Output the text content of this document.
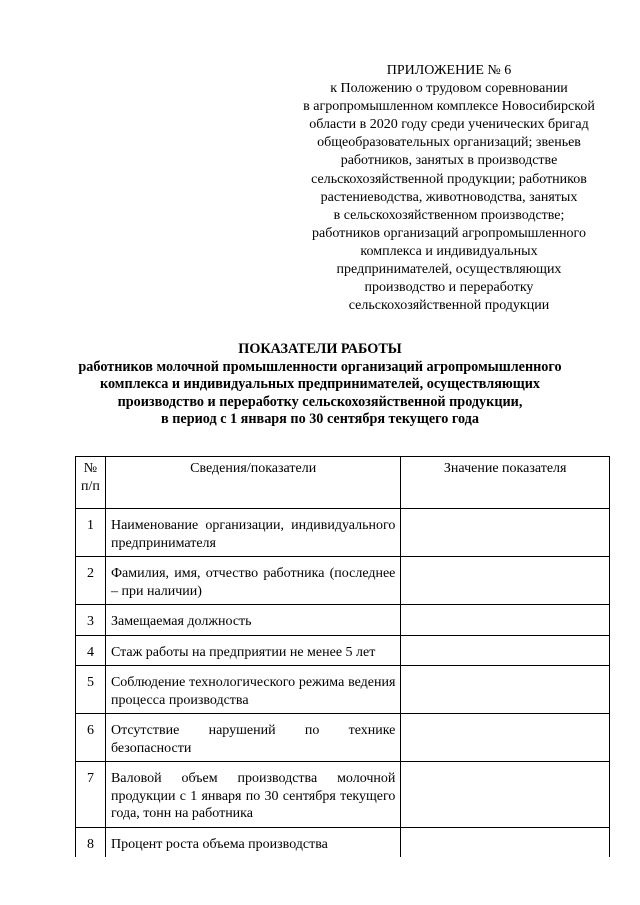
ПРИЛОЖЕНИЕ № 6
к Положению о трудовом соревновании
в агропромышленном комплексе Новосибирской
области в 2020 году среди ученических бригад
общеобразовательных организаций; звеньев
работников, занятых в производстве
сельскохозяйственной продукции; работников
растениеводства, животноводства, занятых
в сельскохозяйственном производстве;
работников организаций агропромышленного
комплекса и индивидуальных
предпринимателей, осуществляющих
производство и переработку
сельскохозяйственной продукции
ПОКАЗАТЕЛИ РАБОТЫ
работников молочной промышленности организаций агропромышленного
комплекса и индивидуальных предпринимателей, осуществляющих
производство и переработку сельскохозяйственной продукции,
в период с 1 января по 30 сентября текущего года
№ п/п	Сведения/показатели	Значение показателя
1	Наименование организации, индивидуального предпринимателя	
2	Фамилия, имя, отчество работника (последнее – при наличии)	
3	Замещаемая должность	
4	Стаж работы на предприятии не менее 5 лет	
5	Соблюдение технологического режима ведения процесса производства	
6	Отсутствие нарушений по технике безопасности	
7	Валовой объем производства молочной продукции с 1 января по 30 сентября текущего года, тонн на работника	
8	Процент роста объема производства	
